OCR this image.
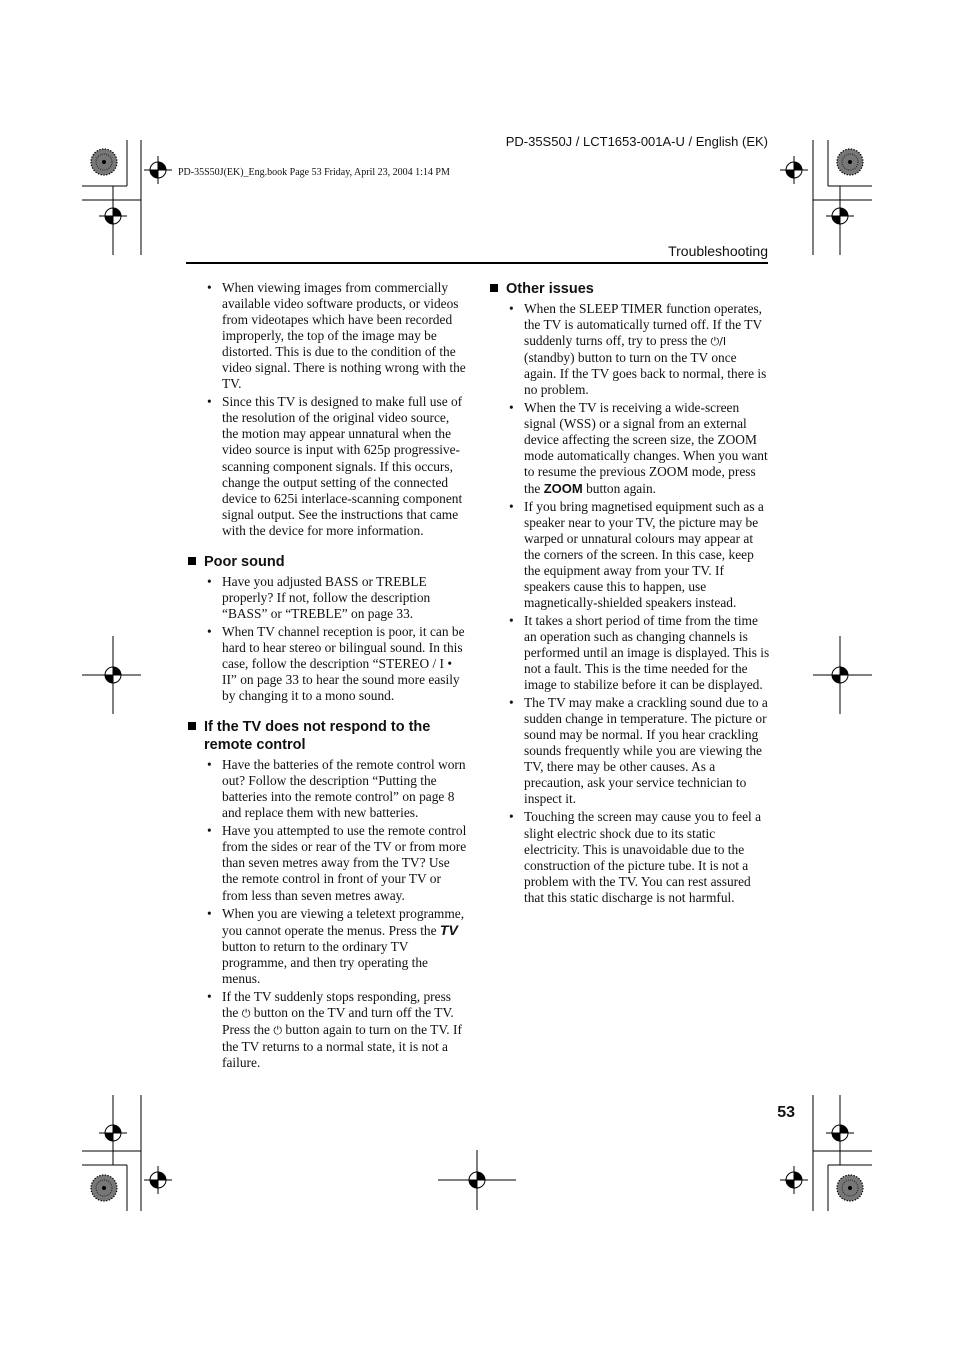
PD-35S50J / LCT1653-001A-U / English (EK)
PD-35S50J(EK)_Eng.book Page 53 Friday, April 23, 2004 1:14 PM
Troubleshooting
• When viewing images from commercially available video software products, or videos from videotapes which have been recorded improperly, the top of the image may be distorted. This is due to the condition of the video signal. There is nothing wrong with the TV.
• Since this TV is designed to make full use of the resolution of the original video source, the motion may appear unnatural when the video source is input with 625p progressive-scanning component signals. If this occurs, change the output setting of the connected device to 625i interlace-scanning component signal output. See the instructions that came with the device for more information.
Poor sound
• Have you adjusted BASS or TREBLE properly? If not, follow the description “BASS” or “TREBLE” on page 33.
• When TV channel reception is poor, it can be hard to hear stereo or bilingual sound. In this case, follow the description “STEREO / I • II” on page 33 to hear the sound more easily by changing it to a mono sound.
If the TV does not respond to the remote control
• Have the batteries of the remote control worn out? Follow the description “Putting the batteries into the remote control” on page 8 and replace them with new batteries.
• Have you attempted to use the remote control from the sides or rear of the TV or from more than seven metres away from the TV? Use the remote control in front of your TV or from less than seven metres away.
• When you are viewing a teletext programme, you cannot operate the menus. Press the TV button to return to the ordinary TV programme, and then try operating the menus.
• If the TV suddenly stops responding, press the ⏻ button on the TV and turn off the TV. Press the ⏻ button again to turn on the TV. If the TV returns to a normal state, it is not a failure.
Other issues
• When the SLEEP TIMER function operates, the TV is automatically turned off. If the TV suddenly turns off, try to press the ⏻/I (standby) button to turn on the TV once again. If the TV goes back to normal, there is no problem.
• When the TV is receiving a wide-screen signal (WSS) or a signal from an external device affecting the screen size, the ZOOM mode automatically changes. When you want to resume the previous ZOOM mode, press the ZOOM button again.
• If you bring magnetised equipment such as a speaker near to your TV, the picture may be warped or unnatural colours may appear at the corners of the screen. In this case, keep the equipment away from your TV. If speakers cause this to happen, use magnetically-shielded speakers instead.
• It takes a short period of time from the time an operation such as changing channels is performed until an image is displayed. This is not a fault. This is the time needed for the image to stabilize before it can be displayed.
• The TV may make a crackling sound due to a sudden change in temperature. The picture or sound may be normal. If you hear crackling sounds frequently while you are viewing the TV, there may be other causes. As a precaution, ask your service technician to inspect it.
• Touching the screen may cause you to feel a slight electric shock due to its static electricity. This is unavoidable due to the construction of the picture tube. It is not a problem with the TV. You can rest assured that this static discharge is not harmful.
53
